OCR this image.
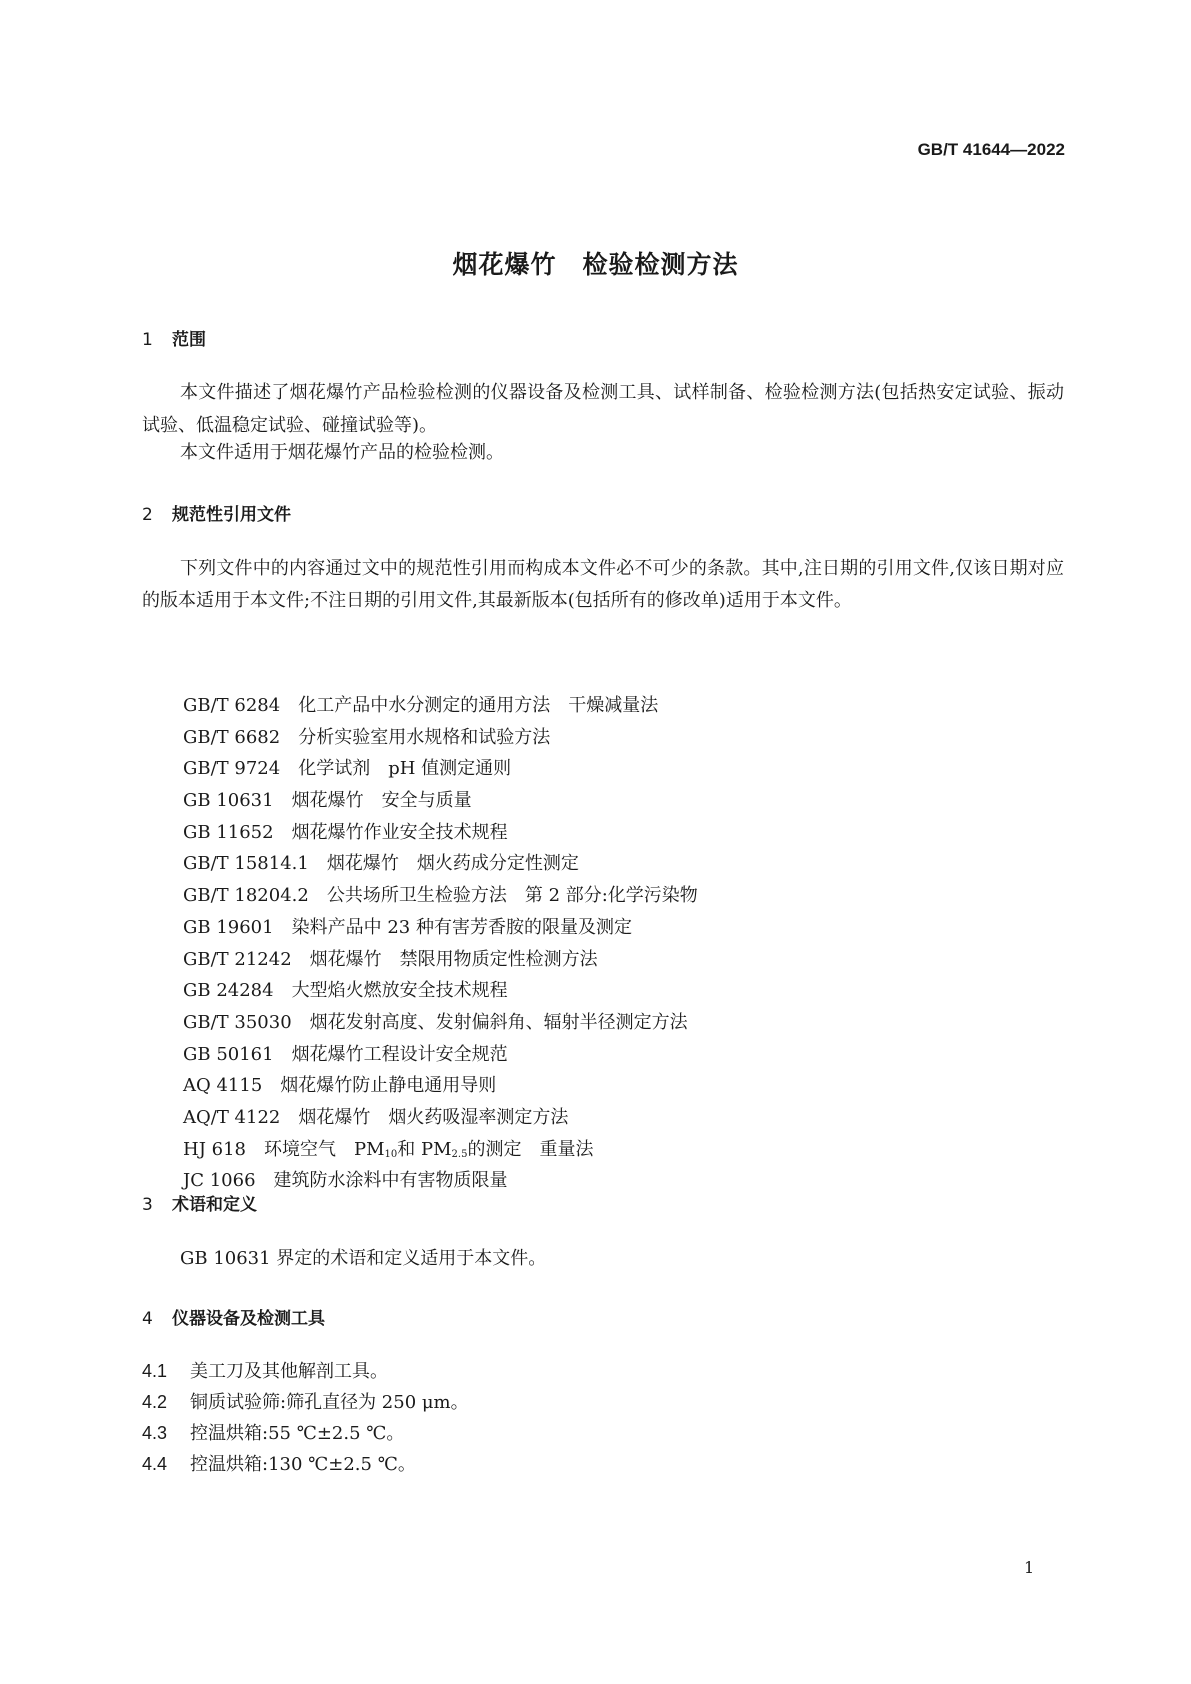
GB/T 41644—2022
烟花爆竹　检验检测方法
1 范围
本文件描述了烟花爆竹产品检验检测的仪器设备及检测工具、试样制备、检验检测方法(包括热安定试验、振动试验、低温稳定试验、碰撞试验等)。
本文件适用于烟花爆竹产品的检验检测。
2 规范性引用文件
下列文件中的内容通过文中的规范性引用而构成本文件必不可少的条款。其中,注日期的引用文件,仅该日期对应的版本适用于本文件;不注日期的引用文件,其最新版本(包括所有的修改单)适用于本文件。
GB/T 6284 化工产品中水分测定的通用方法　干燥减量法
GB/T 6682 分析实验室用水规格和试验方法
GB/T 9724 化学试剂　pH 值测定通则
GB 10631 烟花爆竹　安全与质量
GB 11652 烟花爆竹作业安全技术规程
GB/T 15814.1 烟花爆竹　烟火药成分定性测定
GB/T 18204.2 公共场所卫生检验方法　第 2 部分:化学污染物
GB 19601 染料产品中 23 种有害芳香胺的限量及测定
GB/T 21242 烟花爆竹　禁限用物质定性检测方法
GB 24284 大型焰火燃放安全技术规程
GB/T 35030 烟花发射高度、发射偏斜角、辐射半径测定方法
GB 50161 烟花爆竹工程设计安全规范
AQ 4115 烟花爆竹防止静电通用导则
AQ/T 4122 烟花爆竹　烟火药吸湿率测定方法
HJ 618 环境空气　$PM_{10}$和 $PM_{2.5}$的测定　重量法
JC 1066 建筑防水涂料中有害物质限量
3 术语和定义
GB 10631 界定的术语和定义适用于本文件。
4 仪器设备及检测工具
4.1 美工刀及其他解剖工具。
4.2 铜质试验筛:筛孔直径为 250 μm。
4.3 控温烘箱:55 ℃±2.5 ℃。
4.4 控温烘箱:130 ℃±2.5 ℃。
1
